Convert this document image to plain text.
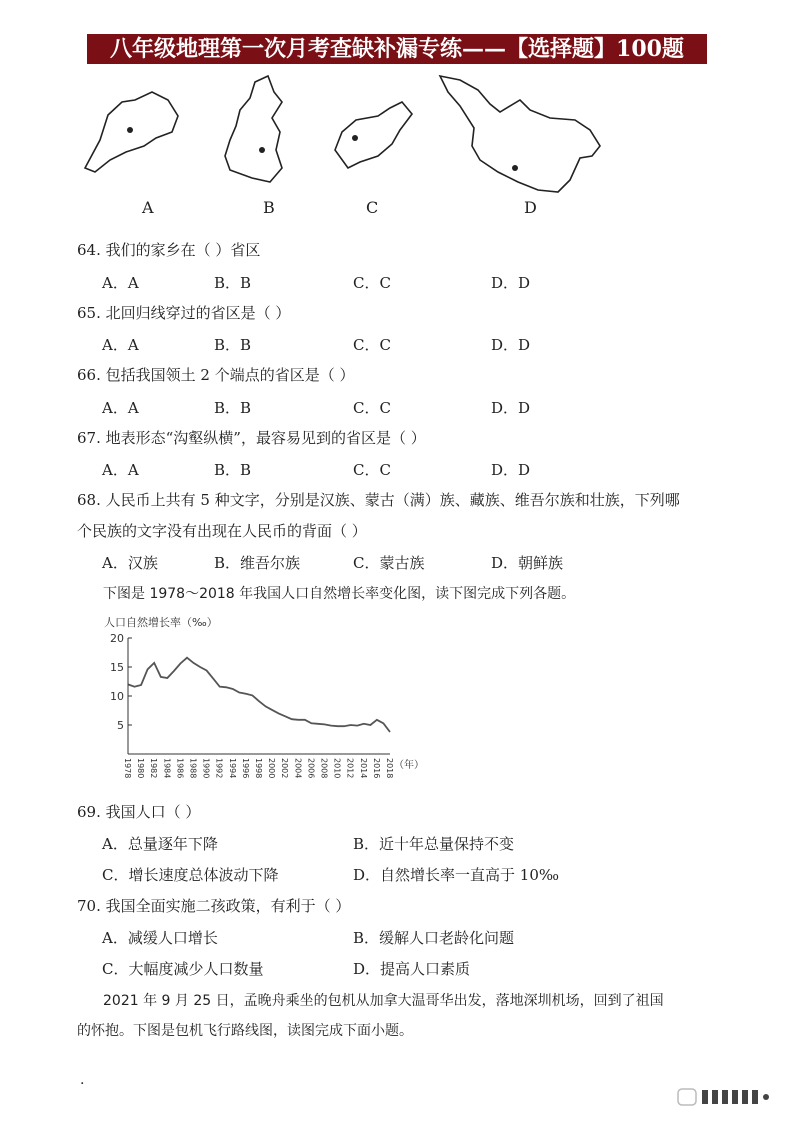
八年级地理第一次月考查缺补漏专练——【选择题】100题
A	B	C	D
64. 我们的家乡在（ ）省区
A．A	B．B	C．C	D．D
65. 北回归线穿过的省区是（ ）
A．A	B．B	C．C	D．D
66. 包括我国领土 2 个端点的省区是（ ）
A．A	B．B	C．C	D．D
67. 地表形态“沟壑纵横”，最容易见到的省区是（ ）
A．A	B．B	C．C	D．D
68. 人民币上共有 5 种文字，分别是汉族、蒙古（满）族、藏族、维吾尔族和壮族，下列哪
个民族的文字没有出现在人民币的背面（ ）
A．汉族	B．维吾尔族	C．蒙古族	D．朝鲜族
下图是 1978～2018 年我国人口自然增长率变化图，读下图完成下列各题。
人口自然增长率（‰）
5
10
15
20
1978 1980 1982 1984 1986 1988 1990 1992 1994 1996 1998 2000 2002 2004 2006 2008 2010 2012 2014 2016 2018 （年）
69. 我国人口（ ）
A．总量逐年下降	B．近十年总量保持不变
C．增长速度总体波动下降	D．自然增长率一直高于 10‰
70. 我国全面实施二孩政策，有利于（ ）
A．减缓人口增长	B．缓解人口老龄化问题
C．大幅度减少人口数量	D．提高人口素质
2021 年 9 月 25 日，孟晚舟乘坐的包机从加拿大温哥华出发，落地深圳机场，回到了祖国
的怀抱。下图是包机飞行路线图，读图完成下面小题。
.
